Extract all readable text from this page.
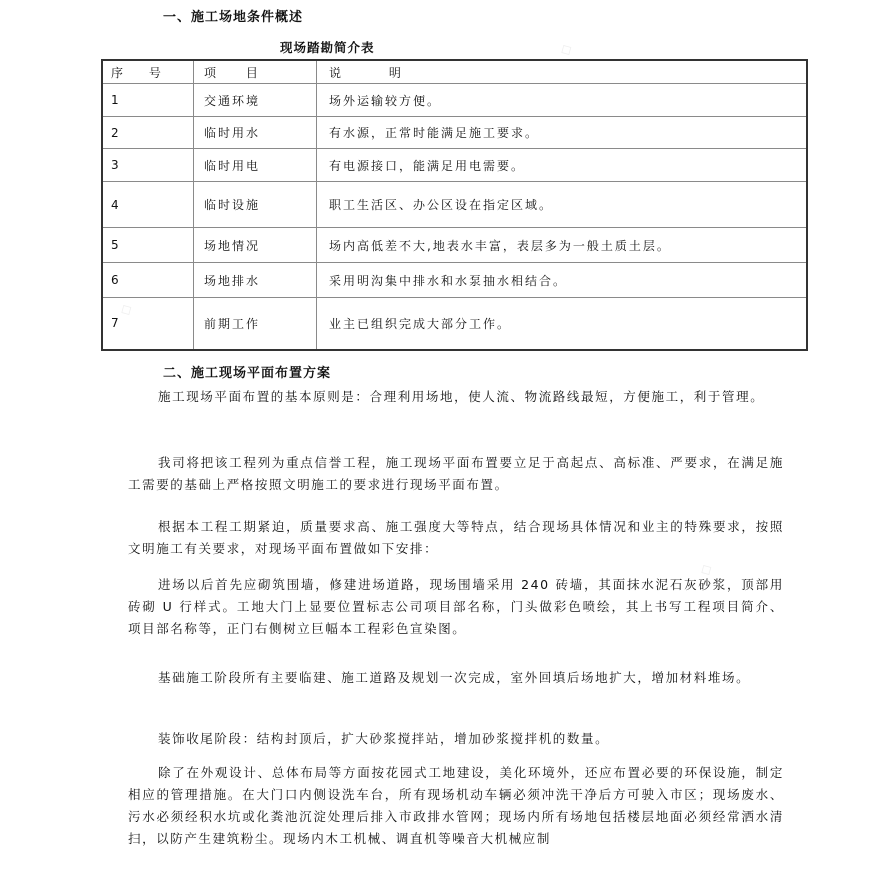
◇
◇
◇
一、施工场地条件概述
现场踏勘简介表
序 号	项 目	说 明
1	交通环境	场外运输较方便。
2	临时用水	有水源，正常时能满足施工要求。
3	临时用电	有电源接口，能满足用电需要。
4	临时设施	职工生活区、办公区设在指定区域。
5	场地情况	场内高低差不大,地表水丰富，表层多为一般土质土层。
6	场地排水	采用明沟集中排水和水泵抽水相结合。
7	前期工作	业主已组织完成大部分工作。
二、施工现场平面布置方案

施工现场平面布置的基本原则是：合理利用场地，使人流、物流路线最短，方便施工，利于管理。

我司将把该工程列为重点信誉工程，施工现场平面布置要立足于高起点、高标准、严要求，在满足施工需要的基础上严格按照文明施工的要求进行现场平面布置。

根据本工程工期紧迫，质量要求高、施工强度大等特点，结合现场具体情况和业主的特殊要求，按照文明施工有关要求，对现场平面布置做如下安排：

进场以后首先应砌筑围墙，修建进场道路，现场围墙采用 240 砖墙，其面抹水泥石灰砂浆，顶部用砖砌 U 行样式。工地大门上显要位置标志公司项目部名称，门头做彩色喷绘，其上书写工程项目简介、项目部名称等，正门右侧树立巨幅本工程彩色宣染图。

基础施工阶段所有主要临建、施工道路及规划一次完成，室外回填后场地扩大，增加材料堆场。

装饰收尾阶段：结构封顶后，扩大砂浆搅拌站，增加砂浆搅拌机的数量。

除了在外观设计、总体布局等方面按花园式工地建设，美化环境外，还应布置必要的环保设施，制定相应的管理措施。在大门口内侧设洗车台，所有现场机动车辆必须冲洗干净后方可驶入市区；现场废水、污水必须经积水坑或化粪池沉淀处理后排入市政排水管网；现场内所有场地包括楼层地面必须经常洒水清扫，以防产生建筑粉尘。现场内木工机械、调直机等噪音大机械应制
